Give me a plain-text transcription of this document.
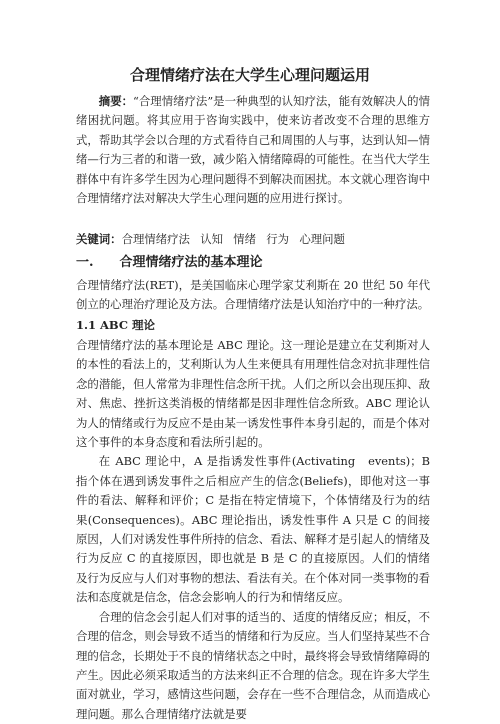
合理情绪疗法在大学生心理问题运用

摘要：“合理情绪疗法”是一种典型的认知疗法，能有效解决人的情绪困扰问题。将其应用于咨询实践中，使来访者改变不合理的思维方式，帮助其学会以合理的方式看待自己和周围的人与事，达到认知—情绪—行为三者的和谐一致，减少陷入情绪障碍的可能性。在当代大学生群体中有许多学生因为心理问题得不到解决而困扰。本文就心理咨询中合理情绪疗法对解决大学生心理问题的应用进行探讨。

关键词：合理情绪疗法 认知 情绪 行为 心理问题

一.　　合理情绪疗法的基本理论

合理情绪疗法(RET)，是美国临床心理学家艾利斯在 20 世纪 50 年代创立的心理治疗理论及方法。合理情绪疗法是认知治疗中的一种疗法。

1.1 ABC 理论

合理情绪疗法的基本理论是 ABC 理论。这一理论是建立在艾利斯对人的本性的看法上的，艾利斯认为人生来便具有用理性信念对抗非理性信念的潜能，但人常常为非理性信念所干扰。人们之所以会出现压抑、敌对、焦虑、挫折这类消极的情绪都是因非理性信念所致。ABC 理论认为人的情绪或行为反应不是由某一诱发性事件本身引起的，而是个体对这个事件的本身态度和看法所引起的。

在 ABC 理论中，A 是指诱发性事件(Activating　events)；B 指个体在遇到诱发事件之后相应产生的信念(Beliefs)，即他对这一事件的看法、解释和评价；C 是指在特定情境下，个体情绪及行为的结果(Consequences)。ABC 理论指出，诱发性事件 A 只是 C 的间接原因，人们对诱发性事件所持的信念、看法、解释才是引起人的情绪及行为反应 C 的直接原因，即也就是 B 是 C 的直接原因。人们的情绪及行为反应与人们对事物的想法、看法有关。在个体对同一类事物的看法和态度就是信念，信念会影响人的行为和情绪反应。

合理的信念会引起人们对事的适当的、适度的情绪反应；相反，不合理的信念，则会导致不适当的情绪和行为反应。当人们坚持某些不合理的信念，长期处于不良的情绪状态之中时，最终将会导致情绪障碍的产生。因此必须采取适当的方法来纠正不合理的信念。现在许多大学生面对就业，学习，感情这些问题，会存在一些不合理信念，从而造成心理问题。那么合理情绪疗法就是要
